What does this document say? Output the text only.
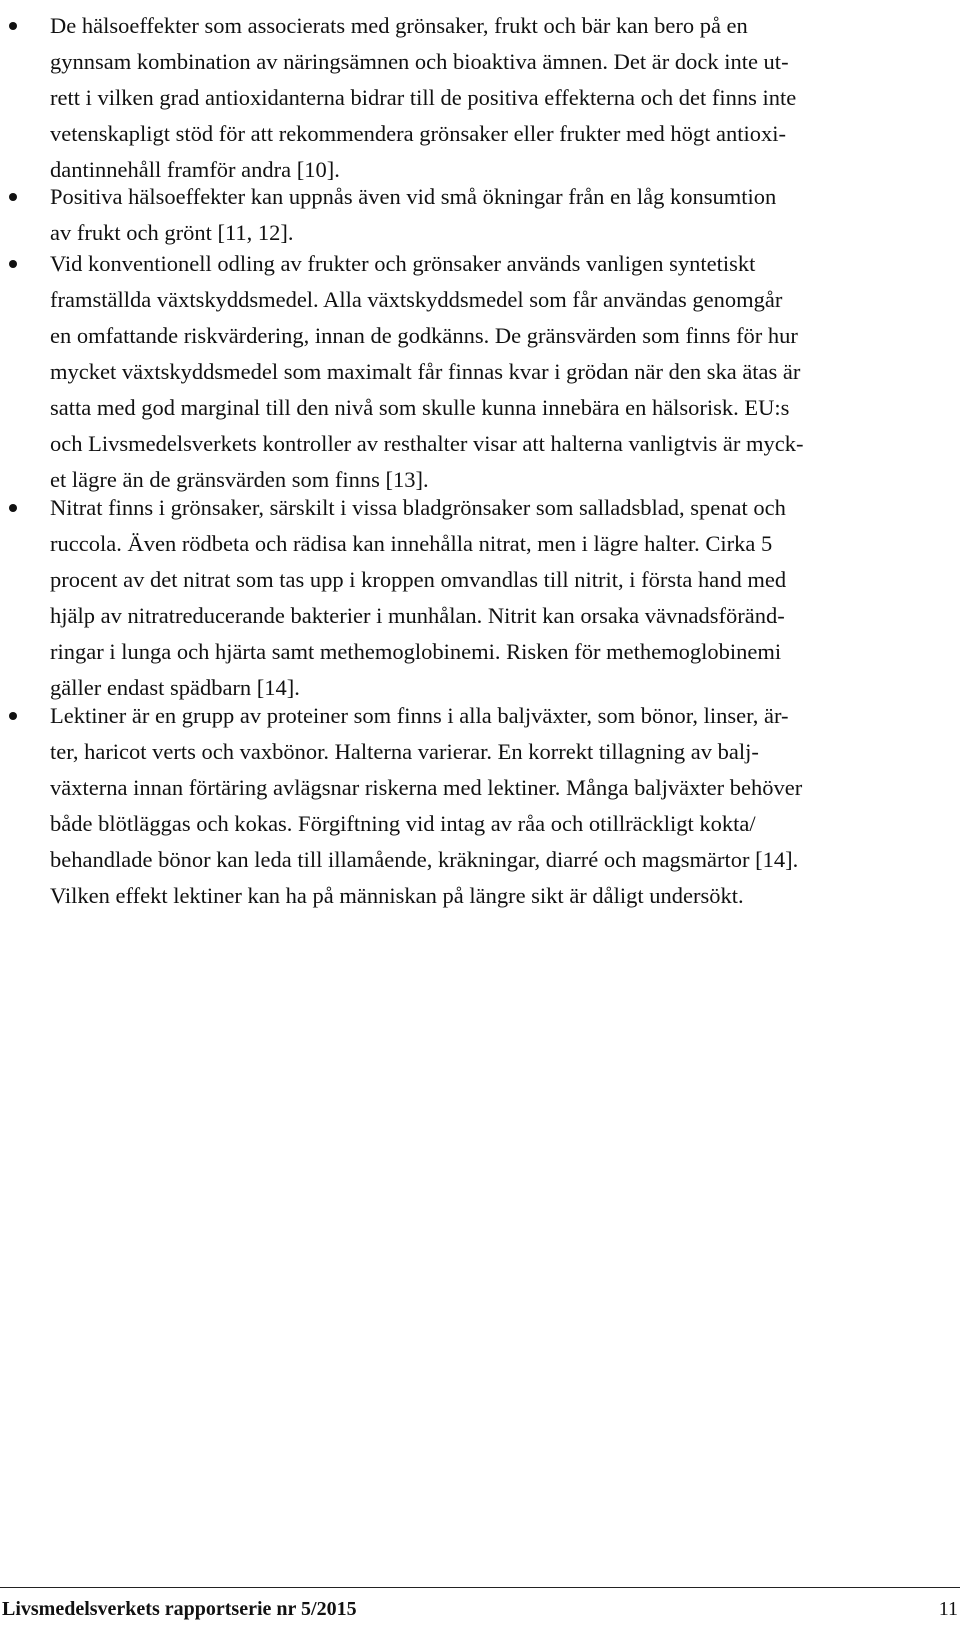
De hälsoeffekter som associerats med grönsaker, frukt och bär kan bero på en
gynnsam kombination av näringsämnen och bioaktiva ämnen. Det är dock inte ut-
rett i vilken grad antioxidanterna bidrar till de positiva effekterna och det finns inte
vetenskapligt stöd för att rekommendera grönsaker eller frukter med högt antioxi-
dantinnehåll framför andra [10].
Positiva hälsoeffekter kan uppnås även vid små ökningar från en låg konsumtion
av frukt och grönt [11, 12].
Vid konventionell odling av frukter och grönsaker används vanligen syntetiskt
framställda växtskyddsmedel. Alla växtskyddsmedel som får användas genomgår
en omfattande riskvärdering, innan de godkänns. De gränsvärden som finns för hur
mycket växtskyddsmedel som maximalt får finnas kvar i grödan när den ska ätas är
satta med god marginal till den nivå som skulle kunna innebära en hälsorisk. EU:s
och Livsmedelsverkets kontroller av resthalter visar att halterna vanligtvis är myck-
et lägre än de gränsvärden som finns [13].
Nitrat finns i grönsaker, särskilt i vissa bladgrönsaker som salladsblad, spenat och
ruccola. Även rödbeta och rädisa kan innehålla nitrat, men i lägre halter. Cirka 5
procent av det nitrat som tas upp i kroppen omvandlas till nitrit, i första hand med
hjälp av nitratreducerande bakterier i munhålan. Nitrit kan orsaka vävnadsföränd-
ringar i lunga och hjärta samt methemoglobinemi. Risken för methemoglobinemi
gäller endast spädbarn [14].
Lektiner är en grupp av proteiner som finns i alla baljväxter, som bönor, linser, är-
ter, haricot verts och vaxbönor. Halterna varierar. En korrekt tillagning av balj-
växterna innan förtäring avlägsnar riskerna med lektiner. Många baljväxter behöver
både blötläggas och kokas. Förgiftning vid intag av råa och otillräckligt kokta/
behandlade bönor kan leda till illamående, kräkningar, diarré och magsmärtor [14].
Vilken effekt lektiner kan ha på människan på längre sikt är dåligt undersökt.
Livsmedelsverkets rapportserie nr 5/2015	11
